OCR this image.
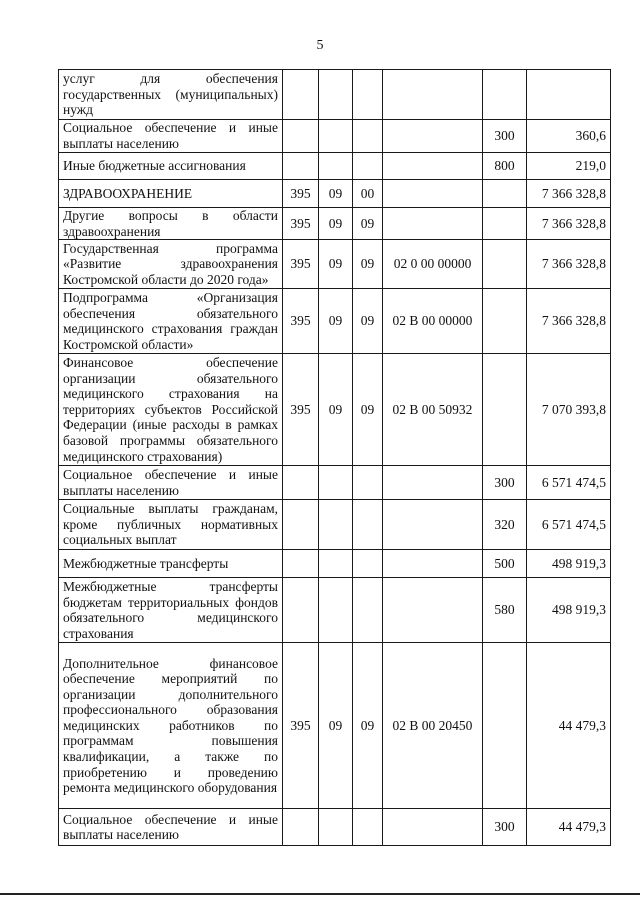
5
услуг для обеспечения государственных (муниципальных) нужд						
Социальное обеспечение и иные выплаты населению					300	360,6
Иные бюджетные ассигнования					800	219,0
ЗДРАВООХРАНЕНИЕ	395	09	00			7 366 328,8
Другие вопросы в области здравоохранения	395	09	09			7 366 328,8
Государственная программа «Развитие здравоохранения Костромской области до 2020 года»	395	09	09	02 0 00 00000		7 366 328,8
Подпрограмма «Организация обеспечения обязательного медицинского страхования граждан Костромской области»	395	09	09	02 В 00 00000		7 366 328,8
Финансовое обеспечение организации обязательного медицинского страхования на территориях субъектов Российской Федерации (иные расходы в рамках базовой программы обязательного медицинского страхования)	395	09	09	02 В 00 50932		7 070 393,8
Социальное обеспечение и иные выплаты населению					300	6 571 474,5
Социальные выплаты гражданам, кроме публичных нормативных социальных выплат					320	6 571 474,5
Межбюджетные трансферты					500	498 919,3
Межбюджетные трансферты бюджетам территориальных фондов обязательного медицинского страхования					580	498 919,3
Дополнительное финансовое обеспечение мероприятий по организации дополнительного профессионального образования медицинских работников по программам повышения квалификации, а также по приобретению и проведению ремонта медицинского оборудования	395	09	09	02 В 00 20450		44 479,3
Социальное обеспечение и иные выплаты населению					300	44 479,3
